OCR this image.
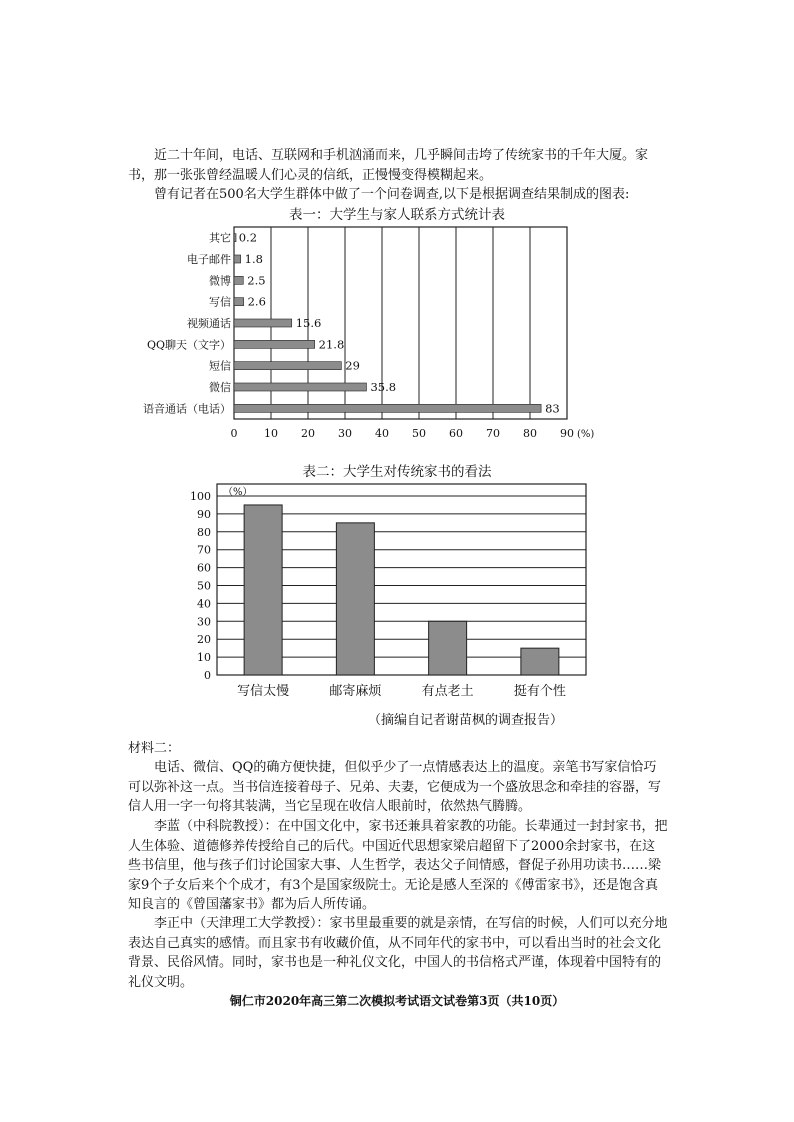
近二十年间，电话、互联网和手机汹涌而来，几乎瞬间击垮了传统家书的千年大厦。家书，那一张张曾经温暖人们心灵的信纸，正慢慢变得模糊起来。

曾有记者在500名大学生群体中做了一个问卷调查,以下是根据调查结果制成的图表:

表一：大学生与家人联系方式统计表
0 10 20 30 40 50 60 70 80 90 (%)
其它 0.2
电子邮件 1.8
微博 2.5
写信 2.6
视频通话	15.6
QQ聊天（文字）	21.8
短信	29
微信	35.8
语音通话（电话）	83
表二：大学生对传统家书的看法
0
10
20
30
40
50
60
70
80
90
100 （%）
写信太慢	邮寄麻烦	有点老土	挺有个性
（摘编自记者谢苗枫的调查报告）

材料二：

电话、微信、QQ的确方便快捷，但似乎少了一点情感表达上的温度。亲笔书写家信恰巧可以弥补这一点。当书信连接着母子、兄弟、夫妻，它便成为一个盛放思念和牵挂的容器，写信人用一字一句将其装满，当它呈现在收信人眼前时，依然热气腾腾。

李蓝（中科院教授）：在中国文化中，家书还兼具着家教的功能。长辈通过一封封家书，把人生体验、道德修养传授给自己的后代。中国近代思想家梁启超留下了2000余封家书，在这些书信里，他与孩子们讨论国家大事、人生哲学，表达父子间情感，督促子孙用功读书……梁家9个子女后来个个成才，有3个是国家级院士。无论是感人至深的《傅雷家书》，还是饱含真知良言的《曾国藩家书》都为后人所传诵。

李正中（天津理工大学教授）：家书里最重要的就是亲情，在写信的时候，人们可以充分地表达自己真实的感情。而且家书有收藏价值，从不同年代的家书中，可以看出当时的社会文化背景、民俗风情。同时，家书也是一种礼仪文化，中国人的书信格式严谨，体现着中国特有的礼仪文明。

铜仁市2020年高三第二次模拟考试语文试卷第3页（共10页）
